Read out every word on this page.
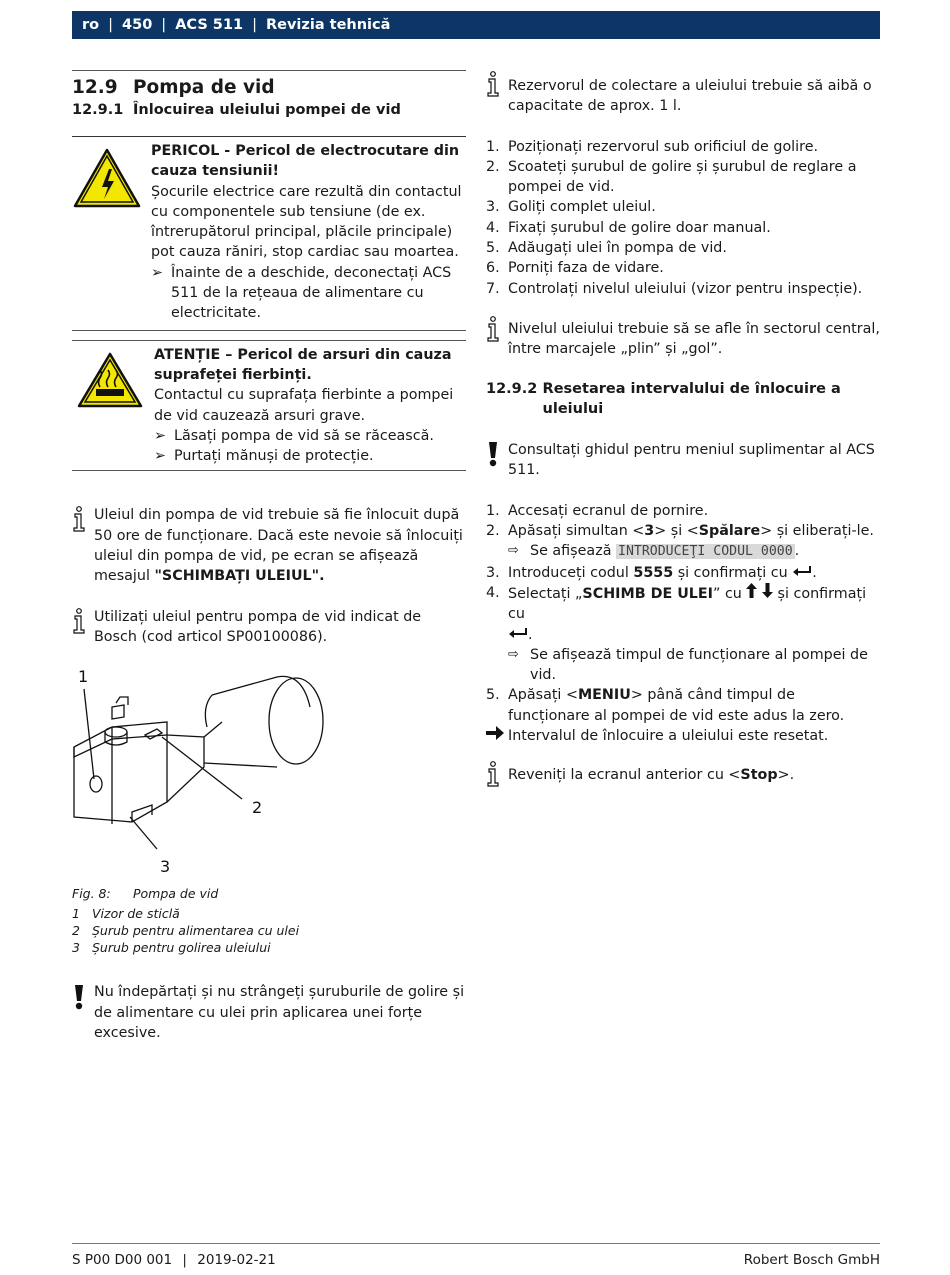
ro | 450 | ACS 511 | Revizia tehnică
12.9 Pompa de vid
12.9.1 Înlocuirea uleiului pompei de vid
PERICOL - Pericol de electrocutare din cauza tensiunii!
Șocurile electrice care rezultă din contactul cu componentele sub tensiune (de ex. întrerupătorul principal, plăcile principale) pot cauza răniri, stop cardiac sau moartea.
➢ Înainte de a deschide, deconectați ACS 511 de la rețeaua de alimentare cu electricitate.
ATENȚIE – Pericol de arsuri din cauza suprafeței fierbinți.
Contactul cu suprafața fierbinte a pompei de vid cauzează arsuri grave.
➢ Lăsați pompa de vid să se răcească.
➢ Purtați mănuși de protecție.
Uleiul din pompa de vid trebuie să fie înlocuit după 50 ore de funcționare. Dacă este nevoie să înlocuiți uleiul din pompa de vid, pe ecran se afișează mesajul "SCHIMBAȚI ULEIUL".
Utilizați uleiul pentru pompa de vid indicat de Bosch (cod articol SP00100086).
1
2
3
Fig. 8:	Pompa de vid
1 Vizor de sticlă
2 Șurub pentru alimentarea cu ulei
3 Șurub pentru golirea uleiului
Nu îndepărtați și nu strângeți șuruburile de golire și de alimentare cu ulei prin aplicarea unei forțe excesive.
Rezervorul de colectare a uleiului trebuie să aibă o capacitate de aprox. 1 l.
1. Poziționați rezervorul sub orificiul de golire.
2. Scoateți șurubul de golire și șurubul de reglare a pompei de vid.
3. Goliți complet uleiul.
4. Fixați șurubul de golire doar manual.
5. Adăugați ulei în pompa de vid.
6. Porniți faza de vidare.
7. Controlați nivelul uleiului (vizor pentru inspecție).
Nivelul uleiului trebuie să se afle în sectorul central, între marcajele „plin” și „gol”.
12.9.2 Resetarea intervalului de înlocuire a uleiului
Consultați ghidul pentru meniul suplimentar al ACS 511.
1. Accesați ecranul de pornire.
2. Apăsați simultan <3> și <Spălare> și eliberați-le.
⇨ Se afișează INTRODUCEŢI CODUL 0000 .
3. Introduceți codul 5555 și confirmați cu .
4. Selectați „SCHIMB DE ULEI” cu   și confirmați cu
.
⇨ Se afișează timpul de funcționare al pompei de vid.
5. Apăsați <MENIU> până când timpul de funcționare al pompei de vid este adus la zero.
Intervalul de înlocuire a uleiului este resetat.
Reveniți la ecranul anterior cu <Stop>.
S P00 D00 001 | 2019-02-21	Robert Bosch GmbH
